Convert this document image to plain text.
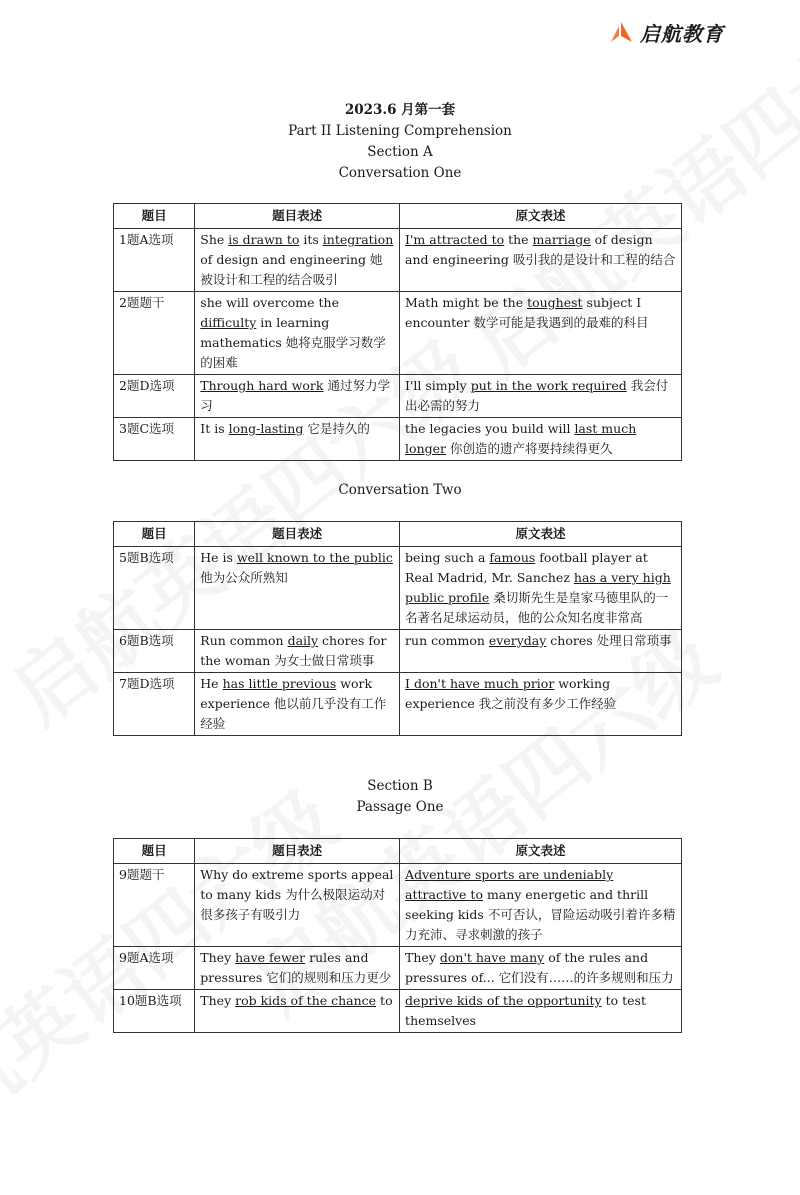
启航教育
2023.6 月第一套
Part II Listening Comprehension
Section A
Conversation One
题目	题目表述	原文表述
1题A选项	She is drawn to its integration of design and engineering 她被设计和工程的结合吸引	I'm attracted to the marriage of design and engineering 吸引我的是设计和工程的结合
2题题干	she will overcome the difficulty in learning mathematics 她将克服学习数学的困难	Math might be the toughest subject I encounter 数学可能是我遇到的最难的科目
2题D选项	Through hard work 通过努力学习	I'll simply put in the work required 我会付出必需的努力
3题C选项	It is long-lasting 它是持久的	the legacies you build will last much longer 你创造的遗产将要持续得更久
Conversation Two
题目	题目表述	原文表述
5题B选项	He is well known to the public 他为公众所熟知	being such a famous football player at Real Madrid, Mr. Sanchez has a very high public profile 桑切斯先生是皇家马德里队的一名著名足球运动员，他的公众知名度非常高
6题B选项	Run common daily chores for the woman 为女士做日常琐事	run common everyday chores 处理日常琐事
7题D选项	He has little previous work experience 他以前几乎没有工作经验	I don't have much prior working experience 我之前没有多少工作经验
Section B
Passage One
题目	题目表述	原文表述
9题题干	Why do extreme sports appeal to many kids 为什么极限运动对很多孩子有吸引力	Adventure sports are undeniably attractive to many energetic and thrill seeking kids 不可否认，冒险运动吸引着许多精力充沛、寻求刺激的孩子
9题A选项	They have fewer rules and pressures 它们的规则和压力更少	They don't have many of the rules and pressures of... 它们没有……的许多规则和压力
10题B选项	They rob kids of the chance to	deprive kids of the opportunity to test themselves
